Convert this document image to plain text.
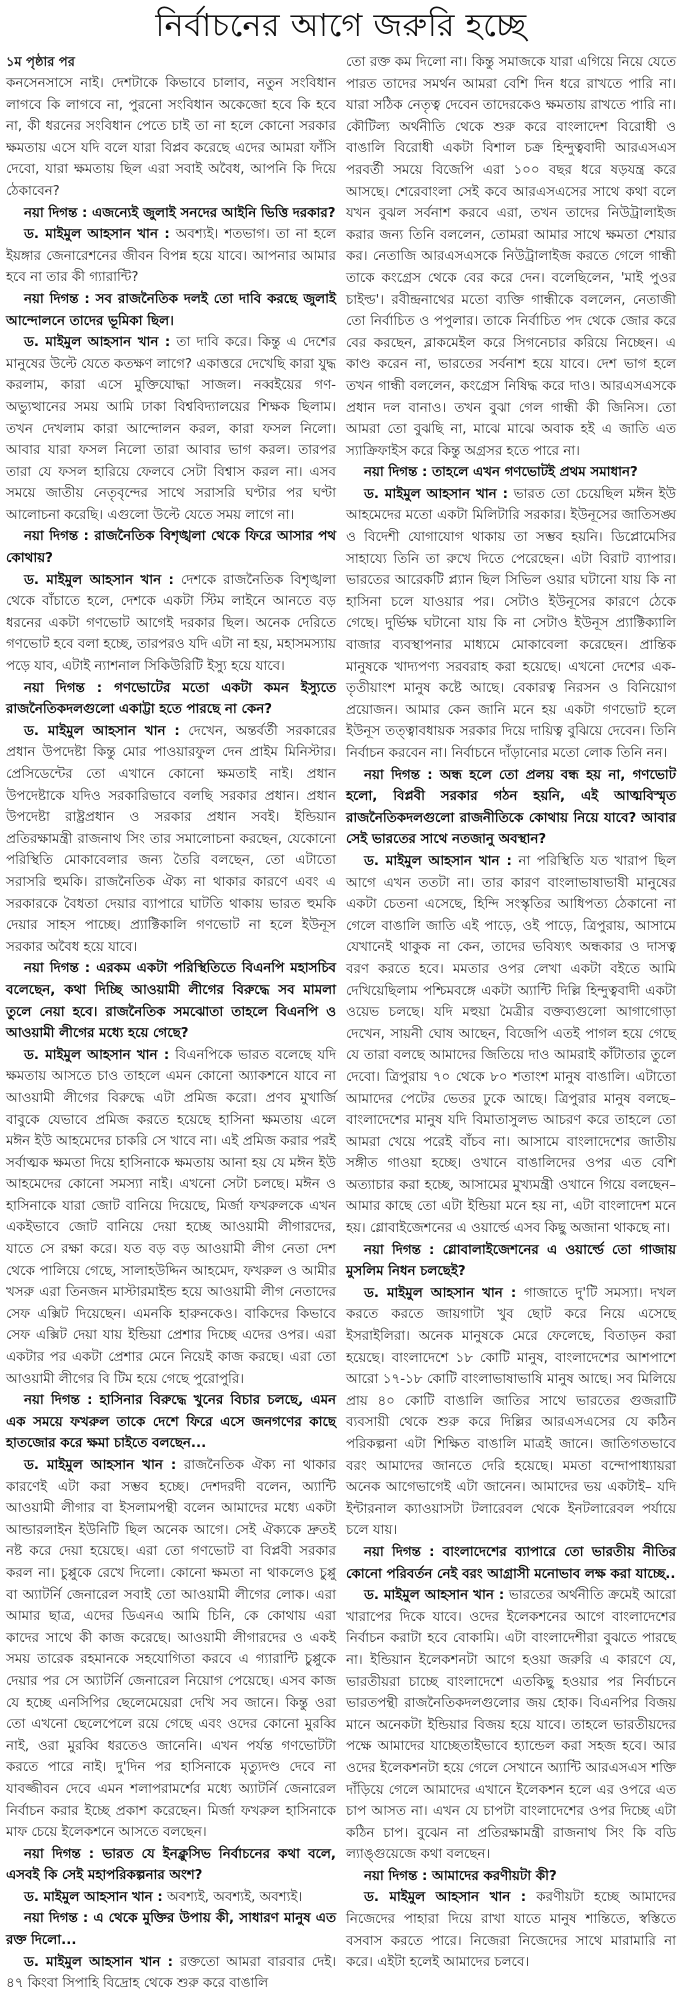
নির্বাচনের আগে জরুরি হচ্ছে
১ম পৃষ্ঠার পর

কনসেনসাসে নাই। দেশটাকে কিভাবে চালাব, নতুন সংবিধান লাগবে কি লাগবে না, পুরনো সংবিধান অকেজো হবে কি হবে না, কী ধরনের সংবিধান পেতে চাই তা না হলে কোনো সরকার ক্ষমতায় এসে যদি বলে যারা বিপ্লব করেছে এদের আমরা ফাঁসি দেবো, যারা ক্ষমতায় ছিল এরা সবাই অবৈধ, আপনি কি দিয়ে ঠেকাবেন?

নয়া দিগন্ত : এজন্যেই জুলাই সনদের আইনি ভিত্তি দরকার?

ড. মাইমুল আহসান খান : অবশ্যই। শতভাগ। তা না হলে ইয়ঙ্গার জেনারেশনের জীবন বিপন্ন হয়ে যাবে। আপনার আমার হবে না তার কী গ্যারান্টি?

নয়া দিগন্ত : সব রাজনৈতিক দলই তো দাবি করছে জুলাই আন্দোলনে তাদের ভূমিকা ছিল।

ড. মাইমুল আহসান খান : তা দাবি করে। কিন্তু এ দেশের মানুষের উল্টে যেতে কতক্ষণ লাগে? একাত্তরে দেখেছি কারা যুদ্ধ করলাম, কারা এসে মুক্তিযোদ্ধা সাজল। নব্বইয়ের গণ-অভ্যুত্থানের সময় আমি ঢাকা বিশ্ববিদ্যালয়ের শিক্ষক ছিলাম। তখন দেখলাম কারা আন্দোলন করল, কারা ফসল নিলো। আবার যারা ফসল নিলো তারা আবার ভাগ করল। তারপর তারা যে ফসল হারিয়ে ফেলবে সেটা বিশ্বাস করল না। এসব সময়ে জাতীয় নেতৃবৃন্দের সাথে সরাসরি ঘণ্টার পর ঘণ্টা আলোচনা করেছি। এগুলো উল্টে যেতে সময় লাগে না।

নয়া দিগন্ত : রাজনৈতিক বিশৃঙ্খলা থেকে ফিরে আসার পথ কোথায়?

ড. মাইমুল আহসান খান : দেশকে রাজনৈতিক বিশৃঙ্খলা থেকে বাঁচাতে হলে, দেশকে একটা স্টিম লাইনে আনতে বড় ধরনের একটা গণভোট আগেই দরকার ছিল। অনেক দেরিতে গণভোট হবে বলা হচ্ছে, তারপরও যদি এটা না হয়, মহাসমস্যায় পড়ে যাব, এটাই ন্যাশনাল সিকিউরিটি ইস্যু হয়ে যাবে।

নয়া দিগন্ত : গণভোটের মতো একটা কমন ইস্যুতে রাজনৈতিকদলগুলো একাট্টা হতে পারছে না কেন?

ড. মাইমুল আহসান খান : দেখেন, অন্তর্বর্তী সরকারের প্রধান উপদেষ্টা কিন্তু মোর পাওয়ারফুল দেন প্রাইম মিনিস্টার। প্রেসিডেন্টের তো এখানে কোনো ক্ষমতাই নাই। প্রধান উপদেষ্টাকে যদিও সরকারিভাবে বলছি সরকার প্রধান। প্রধান উপদেষ্টা রাষ্ট্রপ্রধান ও সরকার প্রধান সবই। ইন্ডিয়ান প্রতিরক্ষামন্ত্রী রাজনাথ সিং তার সমালোচনা করছেন, যেকোনো পরিস্থিতি মোকাবেলার জন্য তৈরি বলছেন, তো এটাতো সরাসরি হুমকি। রাজনৈতিক ঐক্য না থাকার কারণে এবং এ সরকারকে বৈধতা দেয়ার ব্যাপারে ঘাটতি থাকায় ভারত হুমকি দেয়ার সাহস পাচ্ছে। প্র্যাক্টিকালি গণভোট না হলে ইউনূস সরকার অবৈধ হয়ে যাবে।

নয়া দিগন্ত : এরকম একটা পরিস্থিতিতে বিএনপি মহাসচিব বলেছেন, কথা দিচ্ছি আওয়ামী লীগের বিরুদ্ধে সব মামলা তুলে নেয়া হবে। রাজনৈতিক সমঝোতা তাহলে বিএনপি ও আওয়ামী লীগের মধ্যে হয়ে গেছে?

ড. মাইমুল আহসান খান : বিএনপিকে ভারত বলেছে যদি ক্ষমতায় আসতে চাও তাহলে এমন কোনো অ্যাকশনে যাবে না আওয়ামী লীগের বিরুদ্ধে এটা প্রমিজ করো। প্রণব মুখার্জি বাবুকে যেভাবে প্রমিজ করতে হয়েছে হাসিনা ক্ষমতায় এলে মঈন ইউ আহমেদের চাকরি সে খাবে না। এই প্রমিজ করার পরই সর্বাত্মক ক্ষমতা দিয়ে হাসিনাকে ক্ষমতায় আনা হয় যে মঈন ইউ আহমেদের কোনো সমস্যা নাই। এখনো সেটা চলছে। মঈন ও হাসিনাকে যারা জোট বানিয়ে দিয়েছে, মির্জা ফখরুলকে এখন একইভাবে জোট বানিয়ে দেয়া হচ্ছে আওয়ামী লীগারদের, যাতে সে রক্ষা করে। যত বড় বড় আওয়ামী লীগ নেতা দেশ থেকে পালিয়ে গেছে, সালাহউদ্দিন আহমেদ, ফখরুল ও আমীর খসরু এরা তিনজন মাস্টারমাইন্ড হয়ে আওয়ামী লীগ নেতাদের সেফ এক্সিট দিয়েছেন। এমনকি হারুনকেও। বাকিদের কিভাবে সেফ এক্সিট দেয়া যায় ইন্ডিয়া প্রেশার দিচ্ছে এদের ওপর। এরা একটার পর একটা প্রেশার মেনে নিয়েই কাজ করছে। এরা তো আওয়ামী লীগের বি টিম হয়ে গেছে পুরোপুরি।

নয়া দিগন্ত : হাসিনার বিরুদ্ধে খুনের বিচার চলছে, এমন এক সময়ে ফখরুল তাকে দেশে ফিরে এসে জনগণের কাছে হাতজোর করে ক্ষমা চাইতে বলছেন...

ড. মাইমুল আহসান খান : রাজনৈতিক ঐক্য না থাকার কারণেই এটা করা সম্ভব হচ্ছে। দেশদরদী বলেন, অ্যান্টি আওয়ামী লীগার বা ইসলামপন্থী বলেন আমাদের মধ্যে একটা আন্ডারলাইন ইউনিটি ছিল অনেক আগে। সেই ঐক্যকে দ্রুতই নষ্ট করে দেয়া হয়েছে। এরা তো গণভোট বা বিপ্লবী সরকার করল না। চুপ্পুকে রেখে দিলো। কোনো ক্ষমতা না থাকলেও চুপ্পু বা অ্যাটর্নি জেনারেল সবাই তো আওয়ামী লীগের লোক। এরা আমার ছাত্র, এদের ডিএনএ আমি চিনি, কে কোথায় এরা কাদের সাথে কী কাজ করেছে। আওয়ামী লীগারদের ও একই সময় তারেক রহমানকে সহযোগিতা করবে এ গ্যারান্টি চুপ্পুকে দেয়ার পর সে অ্যাটর্নি জেনারেল নিয়োগ পেয়েছে। এসব কাজ যে হচ্ছে এনসিপির ছেলেমেয়েরা দেখি সব জানে। কিন্তু ওরা তো এখনো ছেলেপেলে রয়ে গেছে এবং ওদের কোনো মুরব্বি নাই, ওরা মুরব্বি ধরতেও জানেনি। এখন পর্যন্ত গণভোটটা করতে পারে নাই। দু'দিন পর হাসিনাকে মৃত্যুদণ্ড দেবে না যাবজ্জীবন দেবে এমন শলাপরামর্শের মধ্যে অ্যাটর্নি জেনারেল নির্বাচন করার ইচ্ছে প্রকাশ করেছেন। মির্জা ফখরুল হাসিনাকে মাফ চেয়ে ইলেকশনে আসতে বলছেন।

নয়া দিগন্ত : ভারত যে ইনক্লুসিভ নির্বাচনের কথা বলে, এসবই কি সেই মহাপরিকল্পনার অংশ?

ড. মাইমুল আহসান খান : অবশ্যই, অবশ্যই, অবশ্যই।

নয়া দিগন্ত : এ থেকে মুক্তির উপায় কী, সাধারণ মানুষ এত রক্ত দিলো...

ড. মাইমুল আহসান খান : রক্ততো আমরা বারবার দেই। ৪৭ কিংবা সিপাহি বিদ্রোহ থেকে শুরু করে বাঙালি

তো রক্ত কম দিলো না। কিন্তু সমাজকে যারা এগিয়ে নিয়ে যেতে পারত তাদের সমর্থন আমরা বেশি দিন ধরে রাখতে পারি না। যারা সঠিক নেতৃত্ব দেবেন তাদেরকেও ক্ষমতায় রাখতে পারি না। কৌটিল্য অর্থনীতি থেকে শুরু করে বাংলাদেশ বিরোধী ও বাঙালি বিরোধী একটা বিশাল চক্র হিন্দুত্ববাদী আরএসএস পরবর্তী সময়ে বিজেপি এরা ১০০ বছর ধরে ষড়যন্ত্র করে আসছে। শেরেবাংলা সেই কবে আরএসএসের সাথে কথা বলে যখন বুঝল সর্বনাশ করবে এরা, তখন তাদের নিউট্রালাইজ করার জন্য তিনি বললেন, তোমরা আমার সাথে ক্ষমতা শেয়ার কর। নেতাজি আরএসএসকে নিউট্রালাইজ করতে গেলে গান্ধী তাকে কংগ্রেস থেকে বের করে দেন। বলেছিলেন, 'মাই পুওর চাইল্ড'। রবীন্দ্রনাথের মতো ব্যক্তি গান্ধীকে বললেন, নেতাজী তো নির্বাচিত ও পপুলার। তাকে নির্বাচিত পদ থেকে জোর করে বের করছেন, ব্লাকমেইল করে সিগনেচার করিয়ে নিচ্ছেন। এ কাণ্ড করেন না, ভারতের সর্বনাশ হয়ে যাবে। দেশ ভাগ হলে তখন গান্ধী বললেন, কংগ্রেস নিষিদ্ধ করে দাও। আরএসএসকে প্রধান দল বানাও। তখন বুঝা গেল গান্ধী কী জিনিস। তো আমরা তো বুঝছি না, মাঝে মাঝে অবাক হই এ জাতি এত স্যাক্রিফাইস করে কিন্তু অগ্রসর হতে পারে না।

নয়া দিগন্ত : তাহলে এখন গণভোটই প্রথম সমাধান?

ড. মাইমুল আহসান খান : ভারত তো চেয়েছিল মঈন ইউ আহমেদের মতো একটা মিলিটারি সরকার। ইউনূসের জাতিসঙ্ঘ ও বিদেশী যোগাযোগ থাকায় তা সম্ভব হয়নি। ডিপ্লোমেসির সাহায্যে তিনি তা রুখে দিতে পেরেছেন। এটা বিরাট ব্যাপার। ভারতের আরেকটি প্ল্যান ছিল সিভিল ওয়ার ঘটানো যায় কি না হাসিনা চলে যাওয়ার পর। সেটাও ইউনূসের কারণে ঠেকে গেছে। দুর্ভিক্ষ ঘটানো যায় কি না সেটাও ইউনূস প্র্যাক্টিক্যালি বাজার ব্যবস্থাপনার মাধ্যমে মোকাবেলা করেছেন। প্রান্তিক মানুষকে খাদ্যপণ্য সরবরাহ করা হয়েছে। এখনো দেশের এক-তৃতীয়াংশ মানুষ কষ্টে আছে। বেকারত্ব নিরসন ও বিনিয়োগ প্রয়োজন। আমার কেন জানি মনে হয় একটা গণভোট হলে ইউনূস তত্ত্বাবধায়ক সরকার দিয়ে দায়িত্ব বুঝিয়ে দেবেন। তিনি নির্বাচন করবেন না। নির্বাচনে দাঁড়ানোর মতো লোক তিনি নন।

নয়া দিগন্ত : অন্ধ হলে তো প্রলয় বন্ধ হয় না, গণভোট হলো, বিপ্লবী সরকার গঠন হয়নি, এই আত্মবিস্মৃত রাজনৈতিকদলগুলো রাজনীতিকে কোথায় নিয়ে যাবে? আবার সেই ভারতের সাথে নতজানু অবস্থান?

ড. মাইমুল আহসান খান : না পরিস্থিতি যত খারাপ ছিল আগে এখন ততটা না। তার কারণ বাংলাভাষাভাষী মানুষের একটা চেতনা এসেছে, হিন্দি সংস্কৃতির আধিপত্য ঠেকানো না গেলে বাঙালি জাতি এই পাড়ে, ওই পাড়ে, ত্রিপুরায়, আসামে যেখানেই থাকুক না কেন, তাদের ভবিষ্যৎ অন্ধকার ও দাসত্ব বরণ করতে হবে। মমতার ওপর লেখা একটা বইতে আমি দেখিয়েছিলাম পশ্চিমবঙ্গে একটা অ্যান্টি দিল্লি হিন্দুত্ববাদী একটা ওয়েভ চলছে। যদি মহুয়া মৈত্রীর বক্তব্যগুলো আগাগোড়া দেখেন, সায়নী ঘোষ আছেন, বিজেপি এতই পাগল হয়ে গেছে যে তারা বলছে আমাদের জিতিয়ে দাও আমরাই কাঁটাতার তুলে দেবো। ত্রিপুরায় ৭০ থেকে ৮০ শতাংশ মানুষ বাঙালি। এটাতো আমাদের পেটের ভেতর ঢুকে আছে। ত্রিপুরার মানুষ বলছে– বাংলাদেশের মানুষ যদি বিমাতাসুলভ আচরণ করে তাহলে তো আমরা খেয়ে পরেই বাঁচব না। আসামে বাংলাদেশের জাতীয় সঙ্গীত গাওয়া হচ্ছে। ওখানে বাঙালিদের ওপর এত বেশি অত্যাচার করা হচ্ছে, আসামের মুখ্যমন্ত্রী ওখানে গিয়ে বলছেন– আমার কাছে তো এটা ইন্ডিয়া মনে হয় না, এটা বাংলাদেশ মনে হয়। গ্লোবাইজেশনের এ ওয়ার্ল্ডে এসব কিছু অজানা থাকছে না।

নয়া দিগন্ত : গ্লোবালাইজেশনের এ ওয়ার্ল্ডে তো গাজায় মুসলিম নিধন চলছেই?

ড. মাইমুল আহসান খান : গাজাতে দু'টি সমস্যা। দখল করতে করতে জায়গাটা খুব ছোট করে নিয়ে এসেছে ইসরাইলিরা। অনেক মানুষকে মেরে ফেলেছে, বিতাড়ন করা হয়েছে। বাংলাদেশে ১৮ কোটি মানুষ, বাংলাদেশের আশপাশে আরো ১৭-১৮ কোটি বাংলাভাষাভাষি মানুষ আছে। সব মিলিয়ে প্রায় ৪০ কোটি বাঙালি জাতির সাথে ভারতের গুজরাটি ব্যবসায়ী থেকে শুরু করে দিল্লির আরএসএসের যে কঠিন পরিকল্পনা এটা শিক্ষিত বাঙালি মাত্রই জানে। জাতিগতভাবে বরং আমাদের জানতে দেরি হয়েছে। মমতা বন্দোপাধ্যায়রা অনেক আগেভাগেই এটা জানেন। আমাদের ভয় একটাই– যদি ইন্টারনাল ক্যাওয়াসটা টলারেবল থেকে ইনটলারেবল পর্যায়ে চলে যায়।

নয়া দিগন্ত : বাংলাদেশের ব্যাপারে তো ভারতীয় নীতির কোনো পরিবর্তন নেই বরং আগ্রাসী মনোভাব লক্ষ করা যাচ্ছে..

ড. মাইমুল আহসান খান : ভারতের অর্থনীতি ক্রমেই আরো খারাপের দিকে যাবে। ওদের ইলেকশনের আগে বাংলাদেশের নির্বাচন করাটা হবে বোকামি। এটা বাংলাদেশীরা বুঝতে পারছে না। ইন্ডিয়ান ইলেকশনটা আগে হওয়া জরুরি এ কারণে যে, ভারতীয়রা চাচ্ছে বাংলাদেশে এতকিছু হওয়ার পর নির্বাচনে ভারতপন্থী রাজনৈতিকদলগুলোর জয় হোক। বিএনপির বিজয় মানে অনেকটা ইন্ডিয়ার বিজয় হয়ে যাবে। তাহলে ভারতীয়দের পক্ষে আমাদের যাচ্ছেতাইভাবে হ্যান্ডেল করা সহজ হবে। আর ওদের ইলেকশনটা হয়ে গেলে সেখানে অ্যান্টি আরএসএস শক্তি দাঁড়িয়ে গেলে আমাদের এখানে ইলেকশন হলে এর ওপরে এত চাপ আসত না। এখন যে চাপটা বাংলাদেশের ওপর দিচ্ছে এটা কঠিন চাপ। বুঝেন না প্রতিরক্ষামন্ত্রী রাজনাথ সিং কি বডি ল্যাঙ্গুয়েজে কথা বলছেন।

নয়া দিগন্ত : আমাদের করণীয়টা কী?

ড. মাইমুল আহসান খান : করণীয়টা হচ্ছে আমাদের নিজেদের পাহারা দিয়ে রাখা যাতে মানুষ শান্তিতে, স্বস্তিতে বসবাস করতে পারে। নিজেরা নিজেদের সাথে মারামারি না করে। এইটা হলেই আমাদের চলবে।
